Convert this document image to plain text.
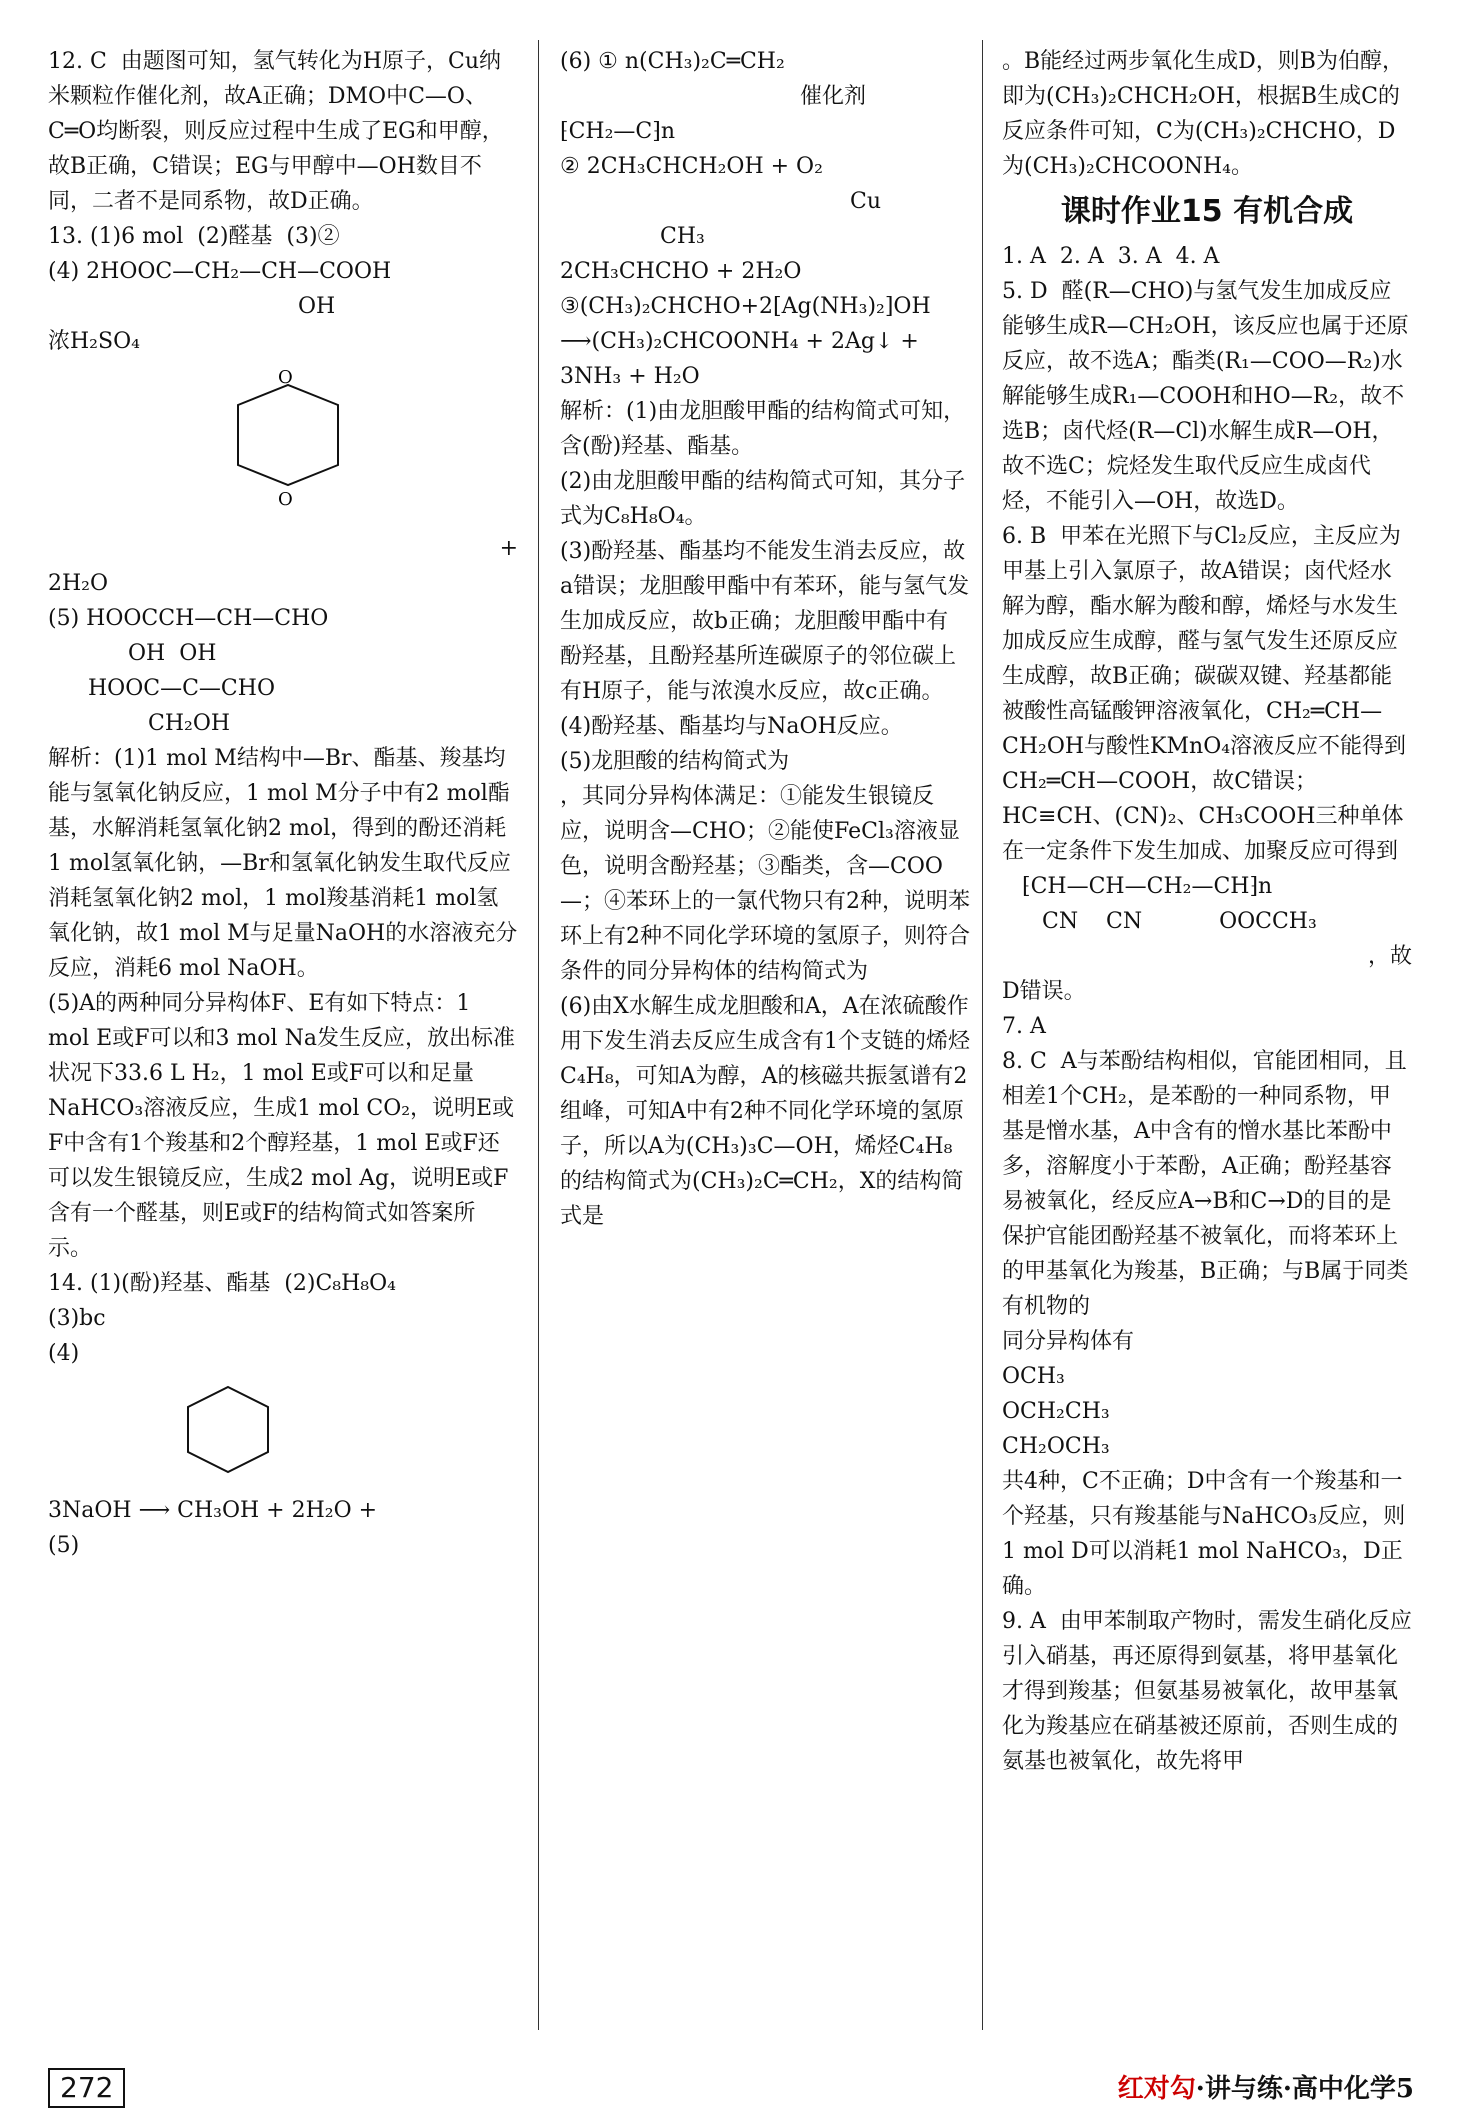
12. C  由题图可知，氢气转化为H原子，Cu纳米颗粒作催化剂，故A正确；DMO中C—O、C═O均断裂，则反应过程中生成了EG和甲醇，故B正确，C错误；EG与甲醇中—OH数目不同，二者不是同系物，故D正确。

13. (1)6 mol  (2)醛基  (3)②

(4) 2HOOC—CH₂—CH—COOH

OH

浓H₂SO₄

O
O

+

2H₂O

(5) HOOCCH—CH—CHO

OH  OH

HOOC—C—CHO

CH₂OH

解析：(1)1 mol M结构中—Br、酯基、羧基均能与氢氧化钠反应，1 mol M分子中有2 mol酯基，水解消耗氢氧化钠2 mol，得到的酚还消耗1 mol氢氧化钠，—Br和氢氧化钠发生取代反应消耗氢氧化钠2 mol，1 mol羧基消耗1 mol氢氧化钠，故1 mol M与足量NaOH的水溶液充分反应，消耗6 mol NaOH。

(5)A的两种同分异构体F、E有如下特点：1 mol E或F可以和3 mol Na发生反应，放出标准状况下33.6 L H₂，1 mol E或F可以和足量NaHCO₃溶液反应，生成1 mol CO₂，说明E或F中含有1个羧基和2个醇羟基，1 mol E或F还可以发生银镜反应，生成2 mol Ag，说明E或F含有一个醛基，则E或F的结构简式如答案所示。

14. (1)(酚)羟基、酯基  (2)C₈H₈O₄

(3)bc

(4)

3NaOH ⟶ CH₃OH + 2H₂O +

(5)

(6) ① n(CH₃)₂C═CH₂

催化剂

⁅CH₂—C⁆n

② 2CH₃CHCH₂OH + O₂

Cu

CH₃

2CH₃CHCHO + 2H₂O

③(CH₃)₂CHCHO+2[Ag(NH₃)₂]OH

⟶(CH₃)₂CHCOONH₄ + 2Ag↓ +

3NH₃ + H₂O

解析：(1)由龙胆酸甲酯的结构简式可知，含(酚)羟基、酯基。

(2)由龙胆酸甲酯的结构简式可知，其分子式为C₈H₈O₄。

(3)酚羟基、酯基均不能发生消去反应，故a错误；龙胆酸甲酯中有苯环，能与氢气发生加成反应，故b正确；龙胆酸甲酯中有酚羟基，且酚羟基所连碳原子的邻位碳上有H原子，能与浓溴水反应，故c正确。

(4)酚羟基、酯基均与NaOH反应。

(5)龙胆酸的结构简式为

，其同分异构体满足：①能发生银镜反应，说明含—CHO；②能使FeCl₃溶液显色，说明含酚羟基；③酯类，含—COO—；④苯环上的一氯代物只有2种，说明苯环上有2种不同化学环境的氢原子，则符合条件的同分异构体的结构简式为

(6)由X水解生成龙胆酸和A，A在浓硫酸作用下发生消去反应生成含有1个支链的烯烃C₄H₈，可知A为醇，A的核磁共振氢谱有2组峰，可知A中有2种不同化学环境的氢原子，所以A为(CH₃)₃C—OH，烯烃C₄H₈的结构简式为(CH₃)₂C═CH₂，X的结构简式是

。B能经过两步氧化生成D，则B为伯醇，即为(CH₃)₂CHCH₂OH，根据B生成C的反应条件可知，C为(CH₃)₂CHCHO，D为(CH₃)₂CHCOONH₄。

课时作业15 有机合成

1. A  2. A  3. A  4. A

5. D  醛(R—CHO)与氢气发生加成反应能够生成R—CH₂OH，该反应也属于还原反应，故不选A；酯类(R₁—COO—R₂)水解能够生成R₁—COOH和HO—R₂，故不选B；卤代烃(R—Cl)水解生成R—OH，故不选C；烷烃发生取代反应生成卤代烃，不能引入—OH，故选D。

6. B  甲苯在光照下与Cl₂反应，主反应为甲基上引入氯原子，故A错误；卤代烃水解为醇，酯水解为酸和醇，烯烃与水发生加成反应生成醇，醛与氢气发生还原反应生成醇，故B正确；碳碳双键、羟基都能被酸性高锰酸钾溶液氧化，CH₂═CH—CH₂OH与酸性KMnO₄溶液反应不能得到CH₂═CH—COOH，故C错误；HC≡CH、(CN)₂、CH₃COOH三种单体在一定条件下发生加成、加聚反应可得到

⁅CH—CH—CH₂—CH⁆n

CN    CN           OOCCH₃

，故

D错误。

7. A

8. C  A与苯酚结构相似，官能团相同，且相差1个CH₂，是苯酚的一种同系物，甲基是憎水基，A中含有的憎水基比苯酚中多，溶解度小于苯酚，A正确；酚羟基容易被氧化，经反应A→B和C→D的目的是保护官能团酚羟基不被氧化，而将苯环上的甲基氧化为羧基，B正确；与B属于同类有机物的

同分异构体有

OCH₃

OCH₂CH₃

CH₂OCH₃

共4种，C不正确；D中含有一个羧基和一个羟基，只有羧基能与NaHCO₃反应，则1 mol D可以消耗1 mol NaHCO₃，D正确。

9. A  由甲苯制取产物时，需发生硝化反应引入硝基，再还原得到氨基，将甲基氧化才得到羧基；但氨基易被氧化，故甲基氧化为羧基应在硝基被还原前，否则生成的氨基也被氧化，故先将甲

272	红对勾·讲与练·高中化学5
